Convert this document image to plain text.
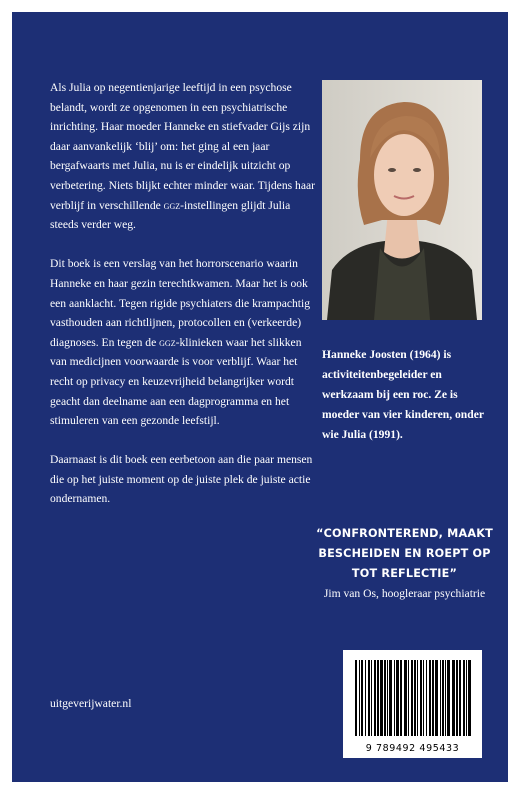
Als Julia op negentienjarige leeftijd in een psychose belandt, wordt ze opgenomen in een psychiatrische inrichting. Haar moeder Hanneke en stiefvader Gijs zijn daar aanvankelijk ‘blij’ om: het ging al een jaar bergafwaarts met Julia, nu is er eindelijk uitzicht op verbetering. Niets blijkt echter minder waar. Tijdens haar verblijf in verschillende ggz-instellingen glijdt Julia steeds verder weg.

Dit boek is een verslag van het horrorscenario waarin Hanneke en haar gezin terechtkwamen. Maar het is ook een aanklacht. Tegen rigide psychiaters die krampachtig vasthouden aan richtlijnen, protocollen en (verkeerde) diagnoses. En tegen de ggz-klinieken waar het slikken van medicijnen voorwaarde is voor verblijf. Waar het recht op privacy en keuzevrijheid belangrijker wordt geacht dan deelname aan een dagprogramma en het stimuleren van een gezonde leefstijl.

Daarnaast is dit boek een eerbetoon aan die paar mensen die op het juiste moment op de juiste plek de juiste actie ondernamen.

Hanneke Joosten (1964) is activiteitenbegeleider en werkzaam bij een roc. Ze is moeder van vier kinderen, onder wie Julia (1991).
“CONFRONTEREND, MAAKT BESCHEIDEN EN ROEPT OP TOT REFLECTIE”
Jim van Os, hoogleraar psychiatrie
9 789492 495433
uitgeverijwater.nl
